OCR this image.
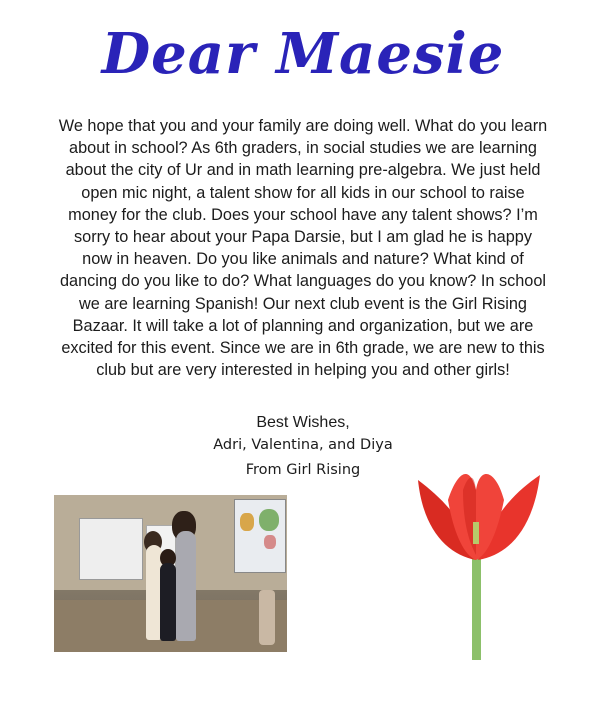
Dear Maesie
We hope that you and your family are doing well. What do you learn about in school? As 6th graders, in social studies we are learning about the city of Ur and in math learning pre-algebra. We just held open mic night, a talent show for all kids in our school to raise money for the club. Does your school have any talent shows? I’m sorry to hear about your Papa Darsie, but I am glad he is happy now in heaven. Do you like animals and nature? What kind of dancing do you like to do? What languages do you know? In school we are learning Spanish! Our next club event is the Girl Rising Bazaar. It will take a lot of planning and organization, but we are excited for this event. Since we are in 6th grade, we are new to this club but are very interested in helping you and other girls!
Best Wishes,
Adri, Valentina, and Diya
From Girl Rising
